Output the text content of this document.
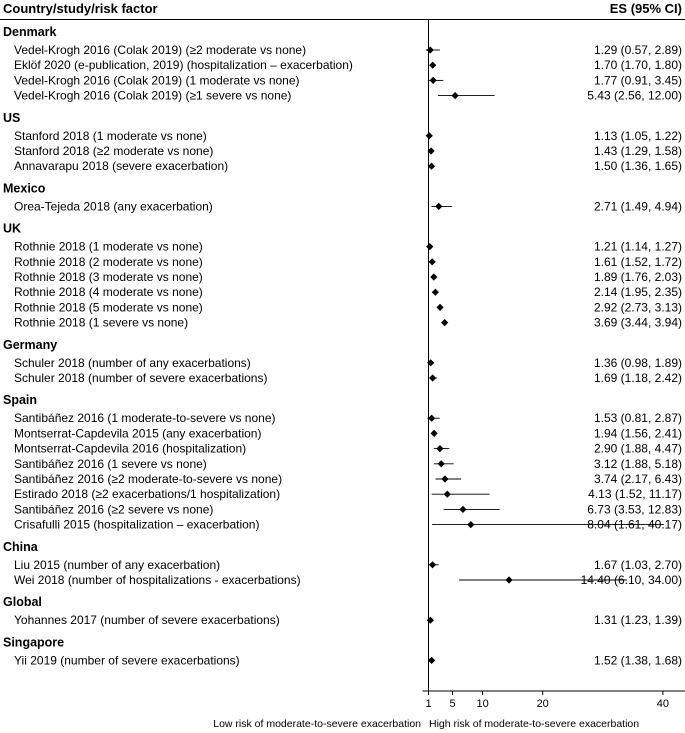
Country/study/risk factor	ES (95% CI)
Denmark
Vedel-Krogh 2016 (Colak 2019) (≥2 moderate vs none)	1.29 (0.57, 2.89)
Eklöf 2020 (e-publication, 2019) (hospitalization – exacerbation)	1.70 (1.70, 1.80)
Vedel-Krogh 2016 (Colak 2019) (1 moderate vs none)	1.77 (0.91, 3.45)
Vedel-Krogh 2016 (Colak 2019) (≥1 severe vs none)	5.43 (2.56, 12.00)
US
Stanford 2018 (1 moderate vs none)	1.13 (1.05, 1.22)
Stanford 2018 (≥2 moderate vs none)	1.43 (1.29, 1.58)
Annavarapu 2018 (severe exacerbation)	1.50 (1.36, 1.65)
Mexico
Orea-Tejeda 2018 (any exacerbation)	2.71 (1.49, 4.94)
UK
Rothnie 2018 (1 moderate vs none)	1.21 (1.14, 1.27)
Rothnie 2018 (2 moderate vs none)	1.61 (1.52, 1.72)
Rothnie 2018 (3 moderate vs none)	1.89 (1.76, 2.03)
Rothnie 2018 (4 moderate vs none)	2.14 (1.95, 2.35)
Rothnie 2018 (5 moderate vs none)	2.92 (2.73, 3.13)
Rothnie 2018 (1 severe vs none)	3.69 (3.44, 3.94)
Germany
Schuler 2018 (number of any exacerbations)	1.36 (0.98, 1.89)
Schuler 2018 (number of severe exacerbations)	1.69 (1.18, 2.42)
Spain
Santibáñez 2016 (1 moderate-to-severe vs none)	1.53 (0.81, 2.87)
Montserrat-Capdevila 2015 (any exacerbation)	1.94 (1.56, 2.41)
Montserrat-Capdevila 2016 (hospitalization)	2.90 (1.88, 4.47)
Santibáñez 2016 (1 severe vs none)	3.12 (1.88, 5.18)
Santibáñez 2016 (≥2 moderate-to-severe vs none)	3.74 (2.17, 6.43)
Estirado 2018 (≥2 exacerbations/1 hospitalization)	4.13 (1.52, 11.17)
Santibáñez 2016 (≥2 severe vs none)	6.73 (3.53, 12.83)
Crisafulli 2015 (hospitalization – exacerbation)	8.04 (1.61, 40.17)
China
Liu 2015 (number of any exacerbation)	1.67 (1.03, 2.70)
Wei 2018 (number of hospitalizations - exacerbations)	14.40 (6.10, 34.00)
Global
Yohannes 2017 (number of severe exacerbations)	1.31 (1.23, 1.39)
Singapore
Yii 2019 (number of severe exacerbations)	1.52 (1.38, 1.68)
1 5 10	20	40
Low risk of moderate-to-severe exacerbation High risk of moderate-to-severe exacerbation
